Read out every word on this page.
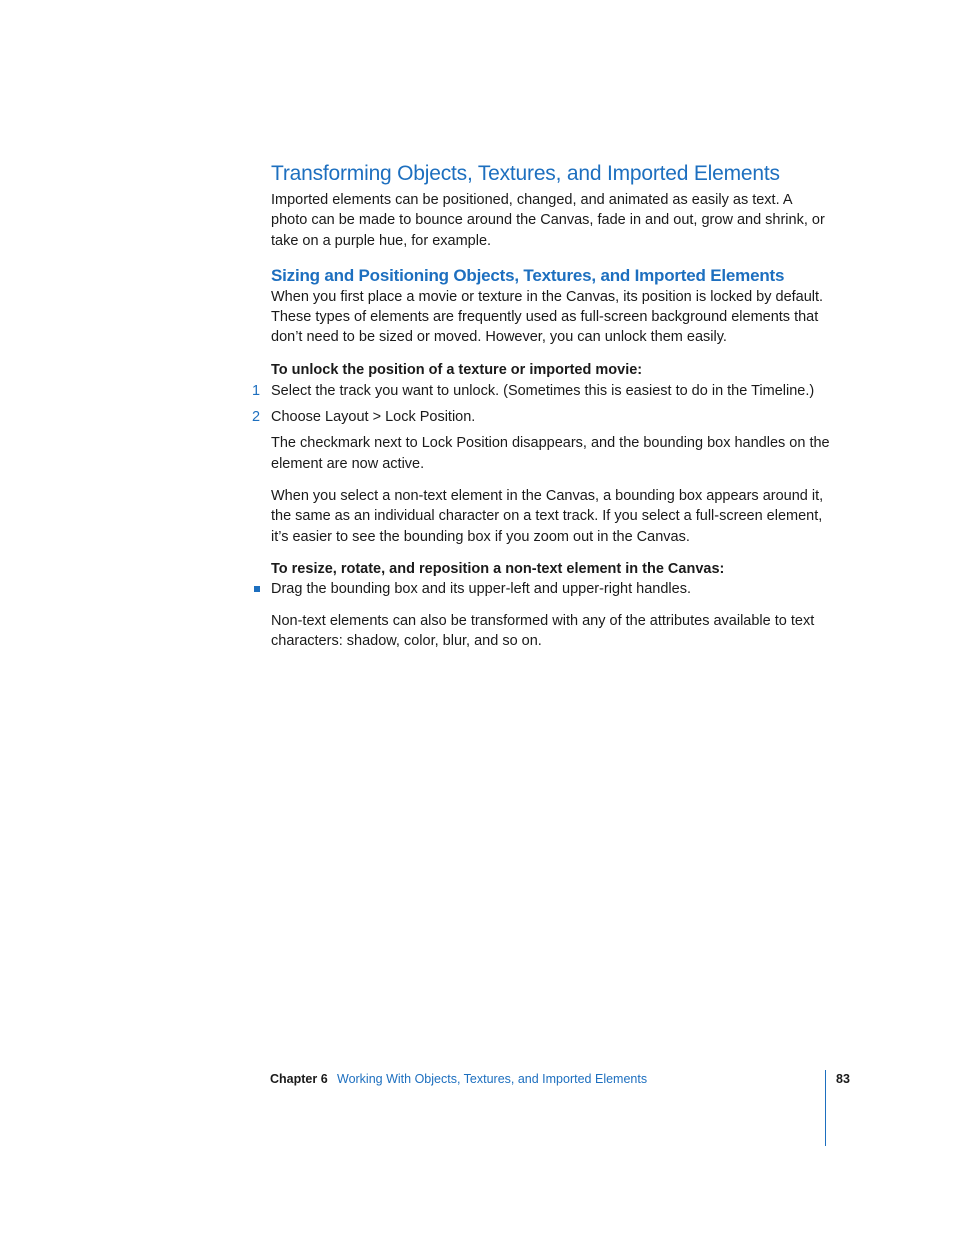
Transforming Objects, Textures, and Imported Elements

Imported elements can be positioned, changed, and animated as easily as text. A photo can be made to bounce around the Canvas, fade in and out, grow and shrink, or take on a purple hue, for example.

Sizing and Positioning Objects, Textures, and Imported Elements

When you first place a movie or texture in the Canvas, its position is locked by default. These types of elements are frequently used as full-screen background elements that don’t need to be sized or moved. However, you can unlock them easily.

To unlock the position of a texture or imported movie:
1 Select the track you want to unlock. (Sometimes this is easiest to do in the Timeline.)
2 Choose Layout > Lock Position.

The checkmark next to Lock Position disappears, and the bounding box handles on the element are now active.

When you select a non-text element in the Canvas, a bounding box appears around it, the same as an individual character on a text track. If you select a full-screen element, it’s easier to see the bounding box if you zoom out in the Canvas.

To resize, rotate, and reposition a non-text element in the Canvas:
Drag the bounding box and its upper-left and upper-right handles.

Non-text elements can also be transformed with any of the attributes available to text characters: shadow, color, blur, and so on.

Chapter 6 Working With Objects, Textures, and Imported Elements	83
